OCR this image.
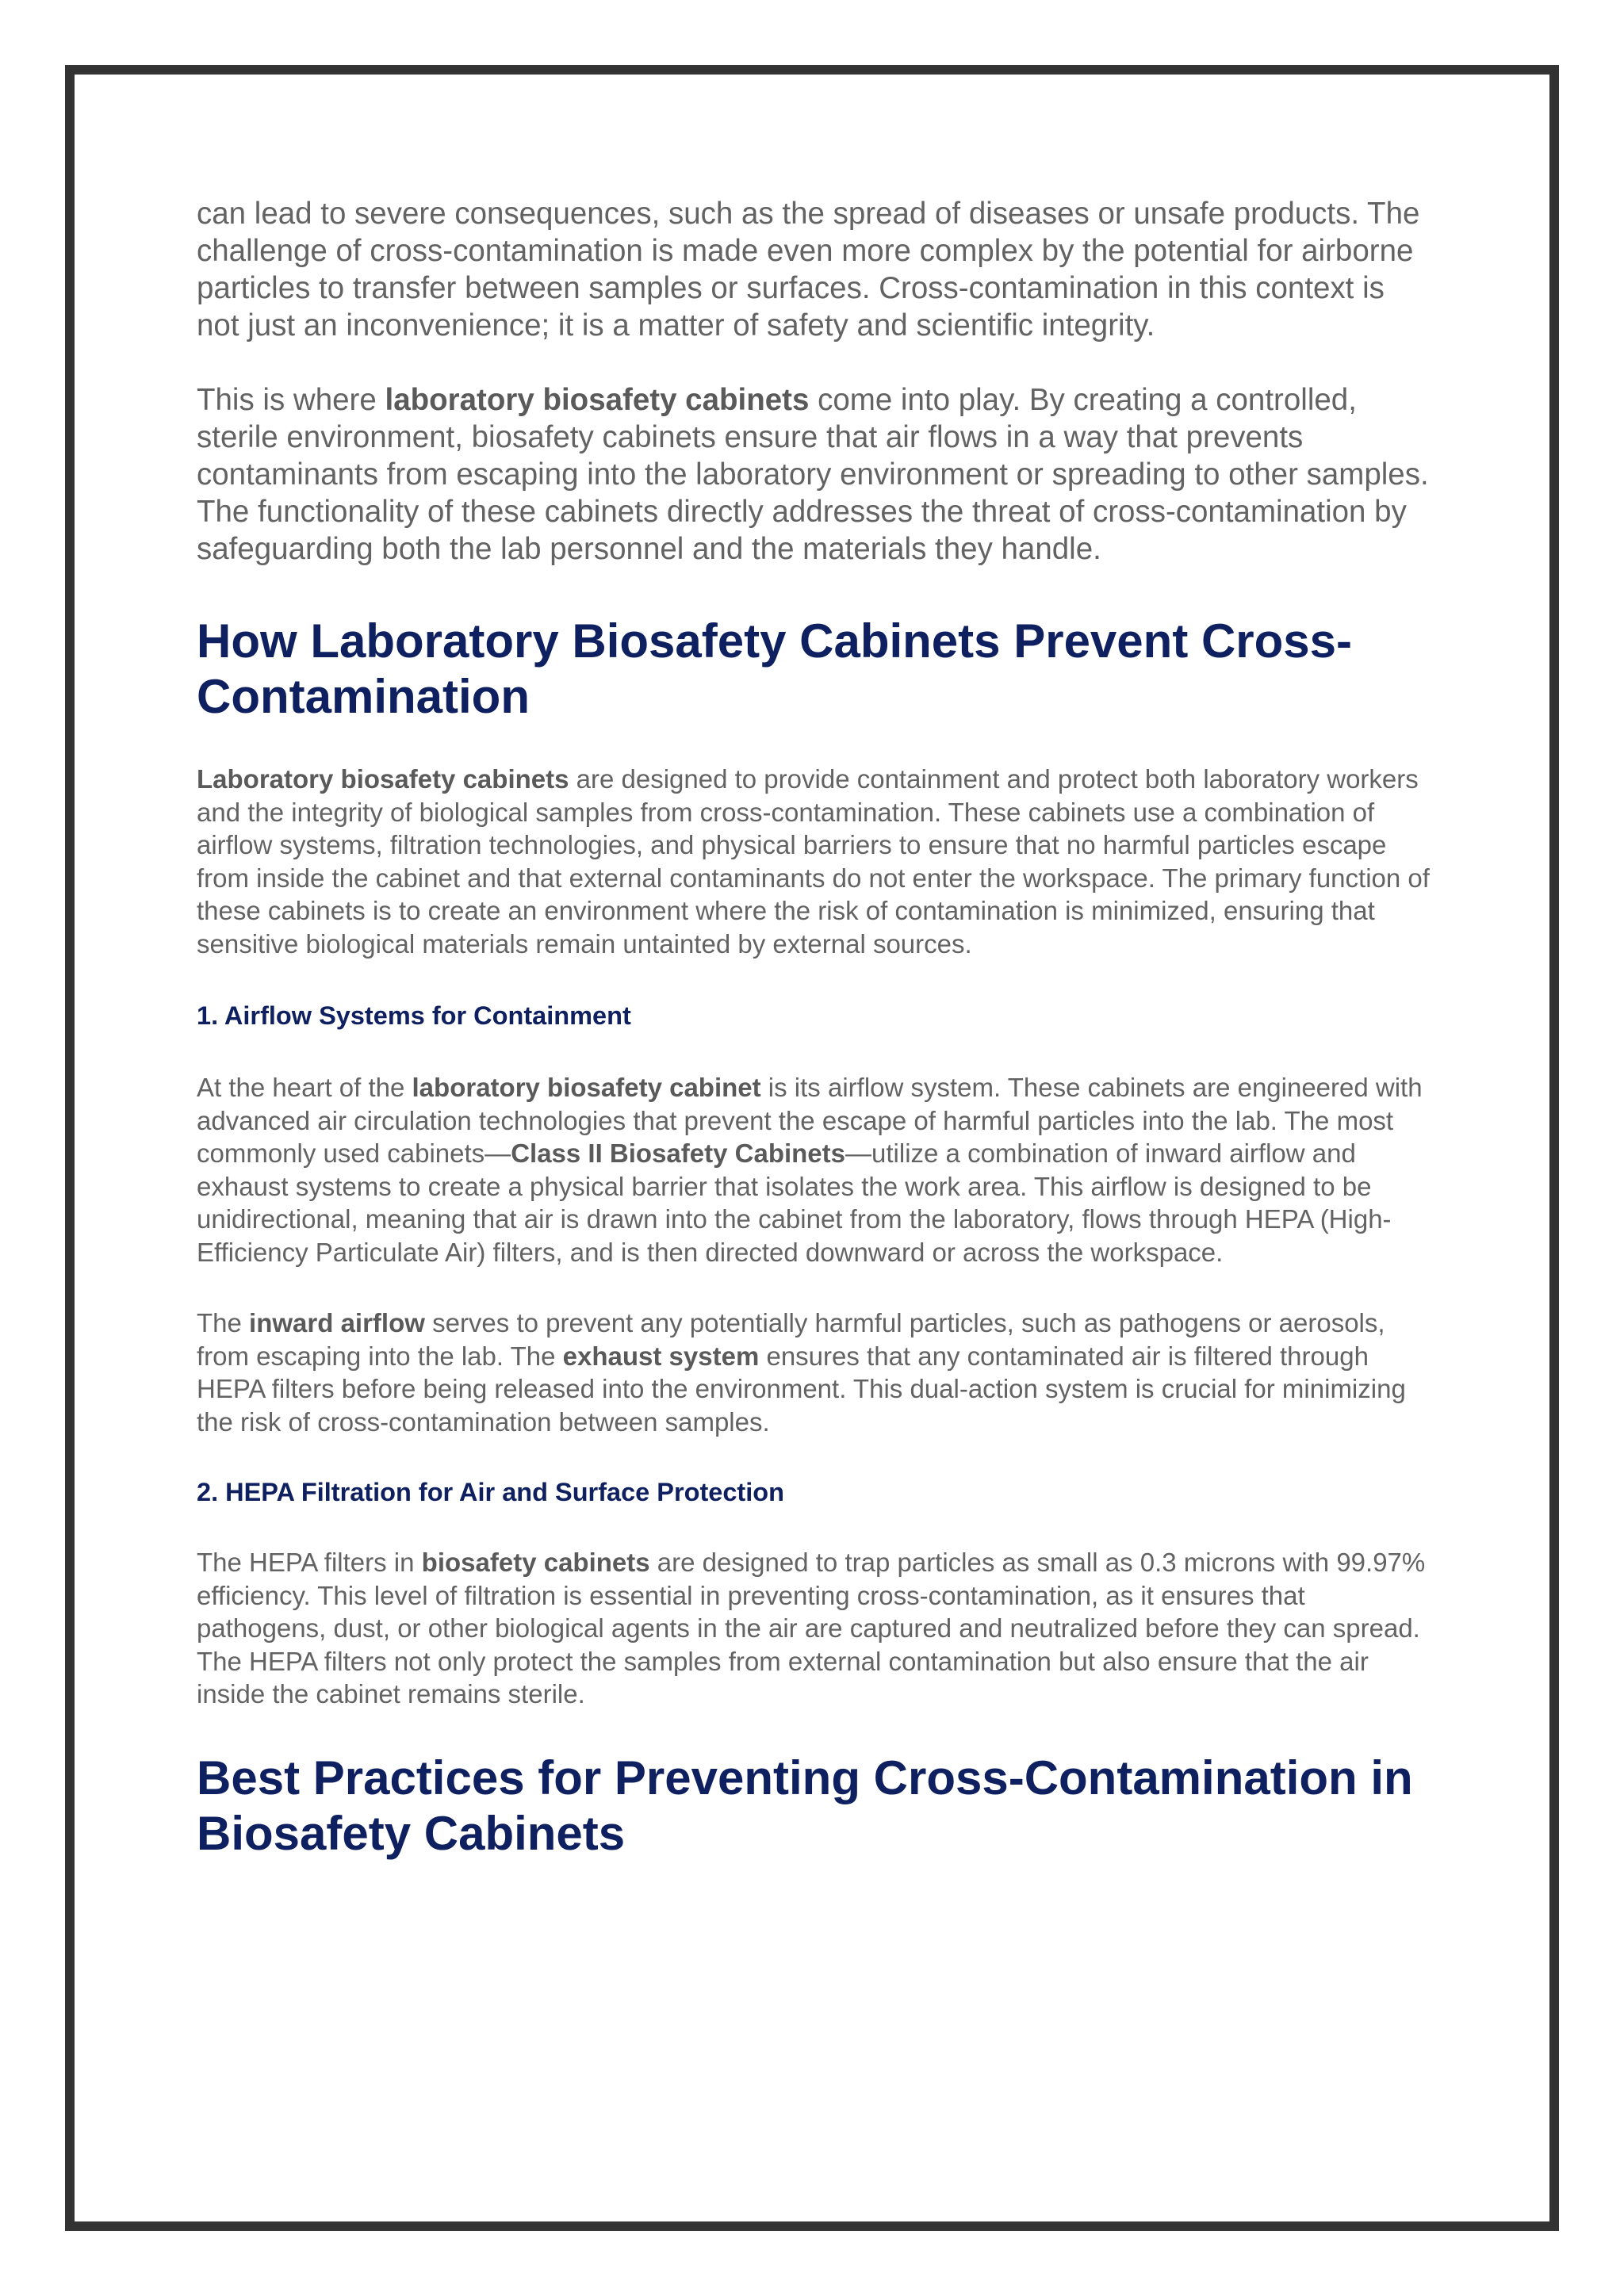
can lead to severe consequences, such as the spread of diseases or unsafe products. The challenge of cross-contamination is made even more complex by the potential for airborne particles to transfer between samples or surfaces. Cross-contamination in this context is not just an inconvenience; it is a matter of safety and scientific integrity.

This is where laboratory biosafety cabinets come into play. By creating a controlled, sterile environment, biosafety cabinets ensure that air flows in a way that prevents contaminants from escaping into the laboratory environment or spreading to other samples. The functionality of these cabinets directly addresses the threat of cross-contamination by safeguarding both the lab personnel and the materials they handle.

How Laboratory Biosafety Cabinets Prevent Cross-Contamination

Laboratory biosafety cabinets are designed to provide containment and protect both laboratory workers and the integrity of biological samples from cross-contamination. These cabinets use a combination of airflow systems, filtration technologies, and physical barriers to ensure that no harmful particles escape from inside the cabinet and that external contaminants do not enter the workspace. The primary function of these cabinets is to create an environment where the risk of contamination is minimized, ensuring that sensitive biological materials remain untainted by external sources.

1. Airflow Systems for Containment

At the heart of the laboratory biosafety cabinet is its airflow system. These cabinets are engineered with advanced air circulation technologies that prevent the escape of harmful particles into the lab. The most commonly used cabinets—Class II Biosafety Cabinets—utilize a combination of inward airflow and exhaust systems to create a physical barrier that isolates the work area. This airflow is designed to be unidirectional, meaning that air is drawn into the cabinet from the laboratory, flows through HEPA (High-Efficiency Particulate Air) filters, and is then directed downward or across the workspace.

The inward airflow serves to prevent any potentially harmful particles, such as pathogens or aerosols, from escaping into the lab. The exhaust system ensures that any contaminated air is filtered through HEPA filters before being released into the environment. This dual-action system is crucial for minimizing the risk of cross-contamination between samples.

2. HEPA Filtration for Air and Surface Protection

The HEPA filters in biosafety cabinets are designed to trap particles as small as 0.3 microns with 99.97% efficiency. This level of filtration is essential in preventing cross-contamination, as it ensures that pathogens, dust, or other biological agents in the air are captured and neutralized before they can spread. The HEPA filters not only protect the samples from external contamination but also ensure that the air inside the cabinet remains sterile.

Best Practices for Preventing Cross-Contamination in Biosafety Cabinets
